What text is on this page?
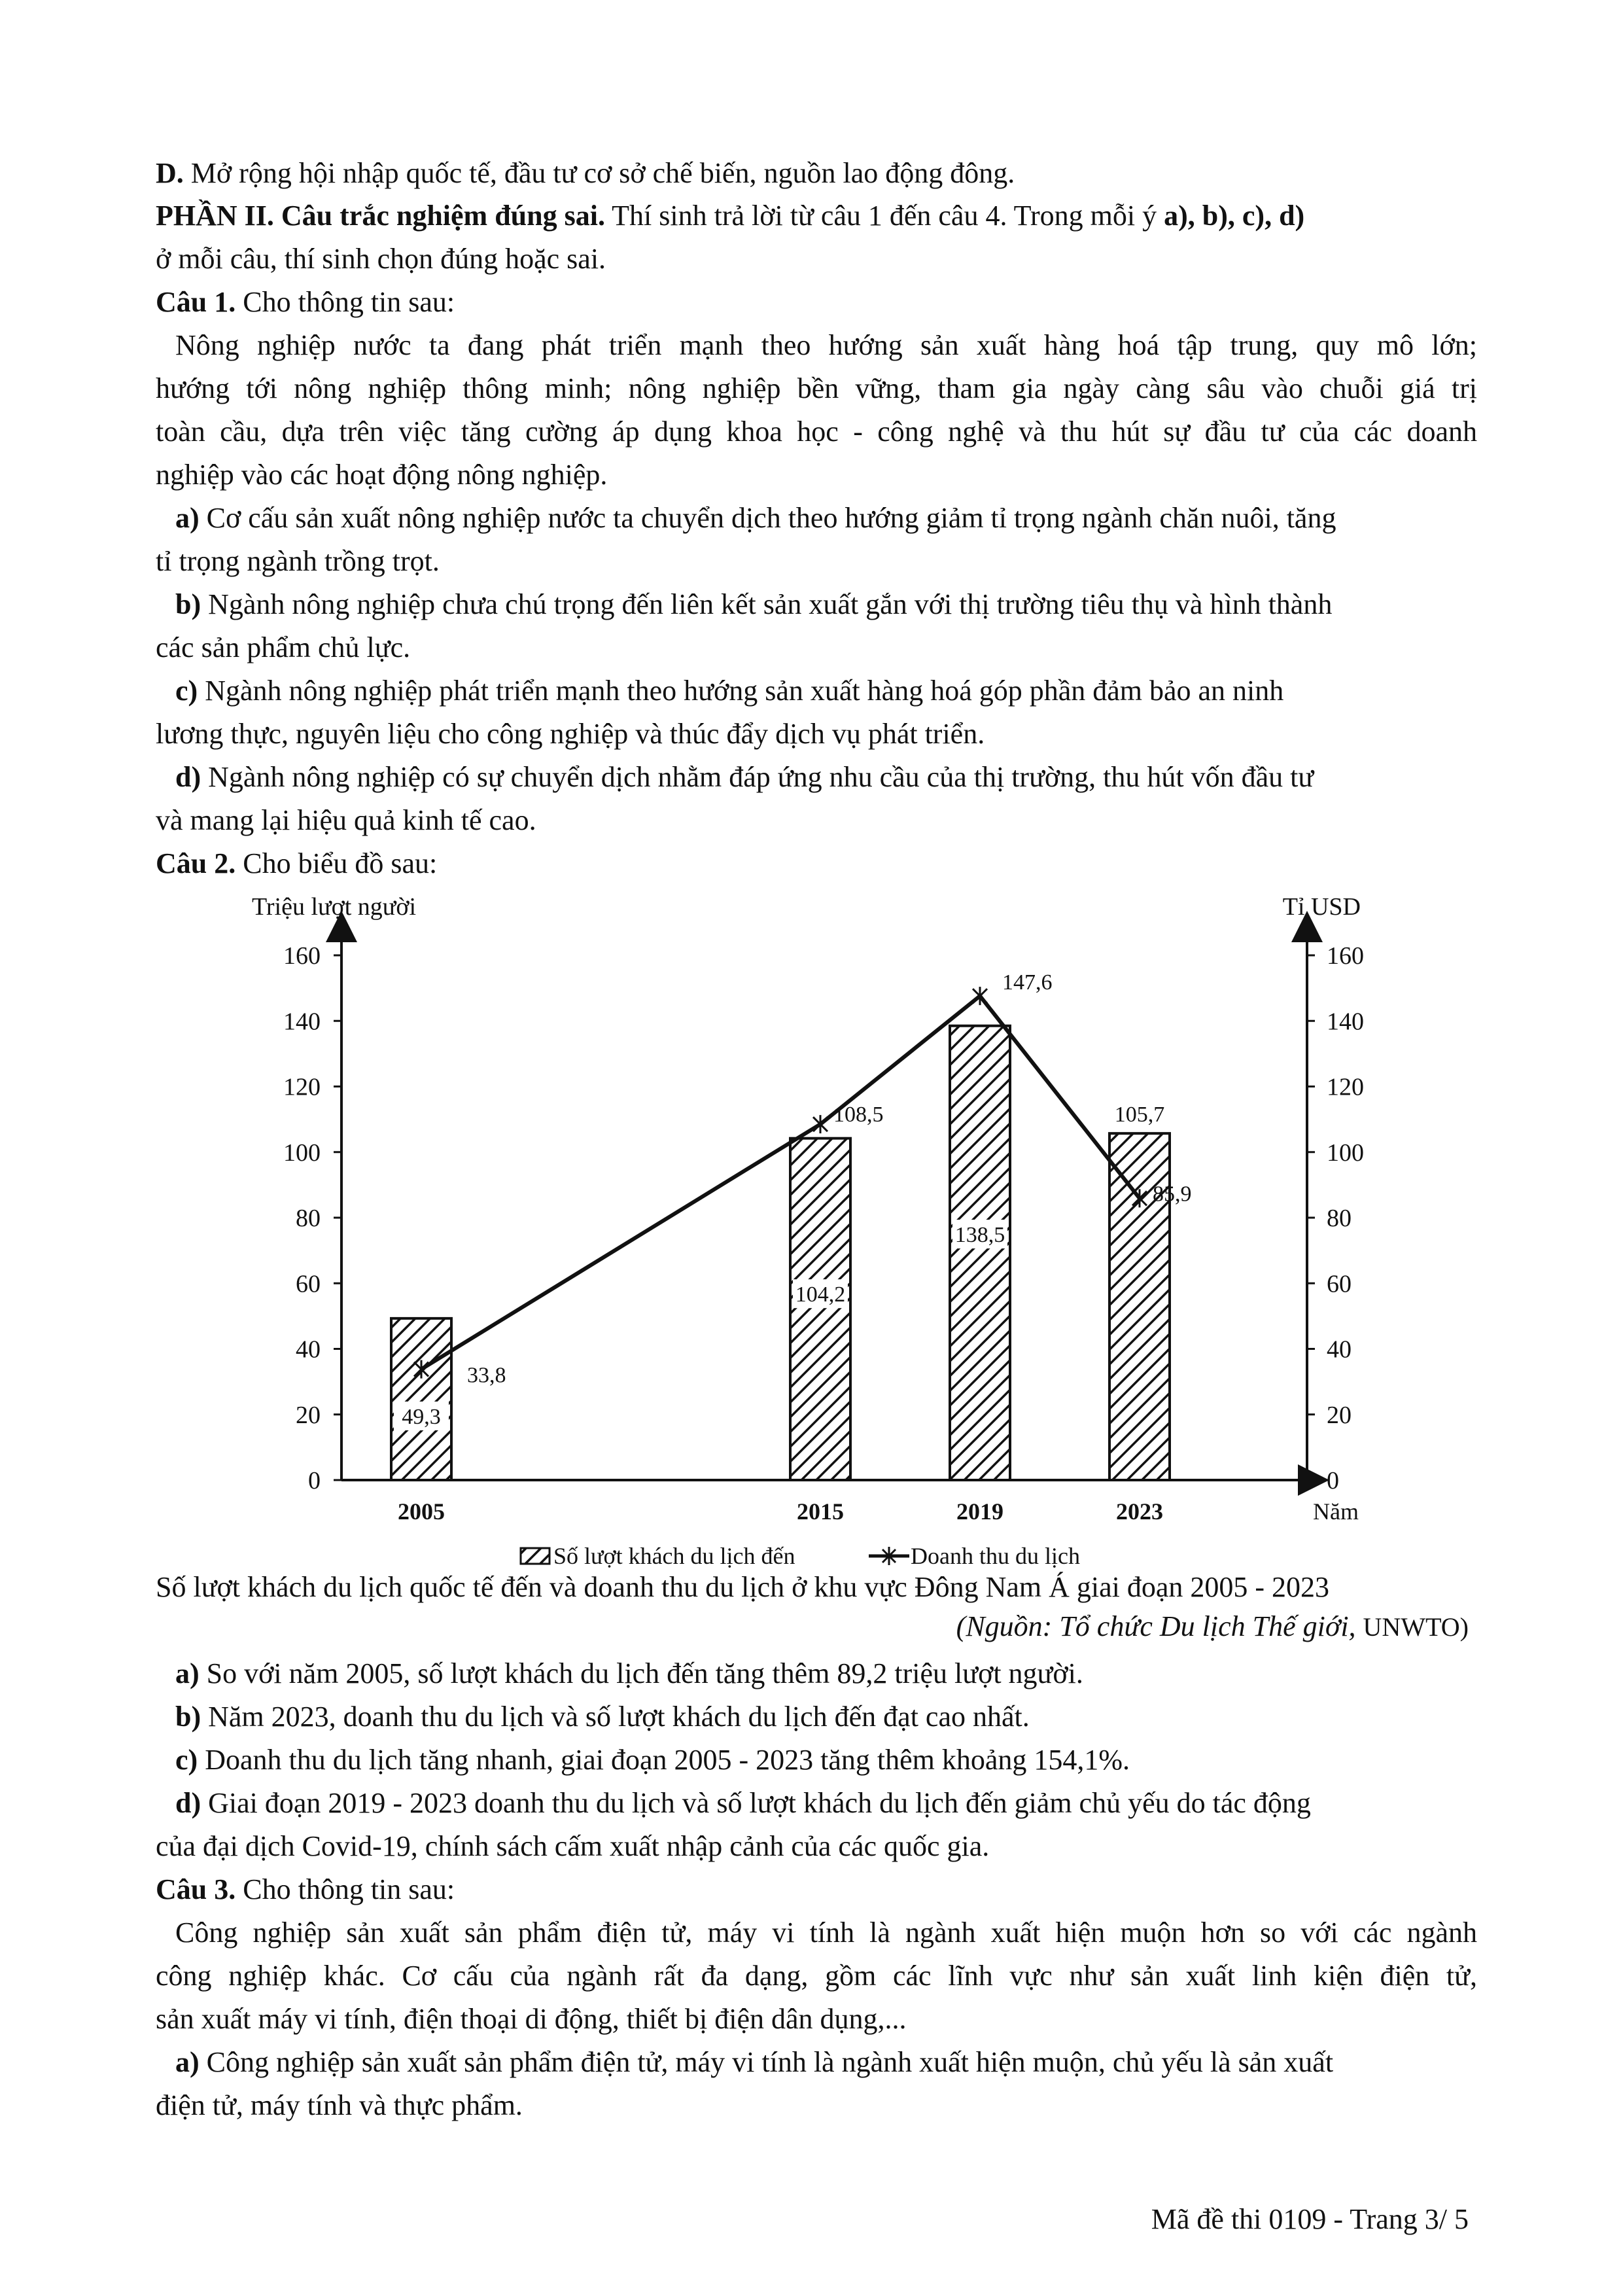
D. Mở rộng hội nhập quốc tế, đầu tư cơ sở chế biến, nguồn lao động đông.
PHẦN II. Câu trắc nghiệm đúng sai. Thí sinh trả lời từ câu 1 đến câu 4. Trong mỗi ý a), b), c), d)
ở mỗi câu, thí sinh chọn đúng hoặc sai.
Câu 1. Cho thông tin sau:
Nông nghiệp nước ta đang phát triển mạnh theo hướng sản xuất hàng hoá tập trung, quy mô lớn;
hướng tới nông nghiệp thông minh; nông nghiệp bền vững, tham gia ngày càng sâu vào chuỗi giá trị
toàn cầu, dựa trên việc tăng cường áp dụng khoa học - công nghệ và thu hút sự đầu tư của các doanh
nghiệp vào các hoạt động nông nghiệp.
a) Cơ cấu sản xuất nông nghiệp nước ta chuyển dịch theo hướng giảm tỉ trọng ngành chăn nuôi, tăng
tỉ trọng ngành trồng trọt.
b) Ngành nông nghiệp chưa chú trọng đến liên kết sản xuất gắn với thị trường tiêu thụ và hình thành
các sản phẩm chủ lực.
c) Ngành nông nghiệp phát triển mạnh theo hướng sản xuất hàng hoá góp phần đảm bảo an ninh
lương thực, nguyên liệu cho công nghiệp và thúc đẩy dịch vụ phát triển.
d) Ngành nông nghiệp có sự chuyển dịch nhằm đáp ứng nhu cầu của thị trường, thu hút vốn đầu tư
và mang lại hiệu quả kinh tế cao.
Câu 2. Cho biểu đồ sau:
Triệu lượt người	Tỉ USD
Năm
Số lượt khách du lịch đến	Doanh thu du lịch
0	0
20	20
40	40
60	60
80	80
100	100
120	120
140	140
160	160
2005	2015	2019	2023
49,3
104,2
138,5
105,7
33,8
108,5
147,6
85,9
Số lượt khách du lịch quốc tế đến và doanh thu du lịch ở khu vực Đông Nam Á giai đoạn 2005 - 2023
(Nguồn: Tổ chức Du lịch Thế giới, UNWTO)
a) So với năm 2005, số lượt khách du lịch đến tăng thêm 89,2 triệu lượt người.
b) Năm 2023, doanh thu du lịch và số lượt khách du lịch đến đạt cao nhất.
c) Doanh thu du lịch tăng nhanh, giai đoạn 2005 - 2023 tăng thêm khoảng 154,1%.
d) Giai đoạn 2019 - 2023 doanh thu du lịch và số lượt khách du lịch đến giảm chủ yếu do tác động
của đại dịch Covid-19, chính sách cấm xuất nhập cảnh của các quốc gia.
Câu 3. Cho thông tin sau:
Công nghiệp sản xuất sản phẩm điện tử, máy vi tính là ngành xuất hiện muộn hơn so với các ngành
công nghiệp khác. Cơ cấu của ngành rất đa dạng, gồm các lĩnh vực như sản xuất linh kiện điện tử,
sản xuất máy vi tính, điện thoại di động, thiết bị điện dân dụng,...
a) Công nghiệp sản xuất sản phẩm điện tử, máy vi tính là ngành xuất hiện muộn, chủ yếu là sản xuất
điện tử, máy tính và thực phẩm.
Mã đề thi 0109 - Trang 3/ 5
